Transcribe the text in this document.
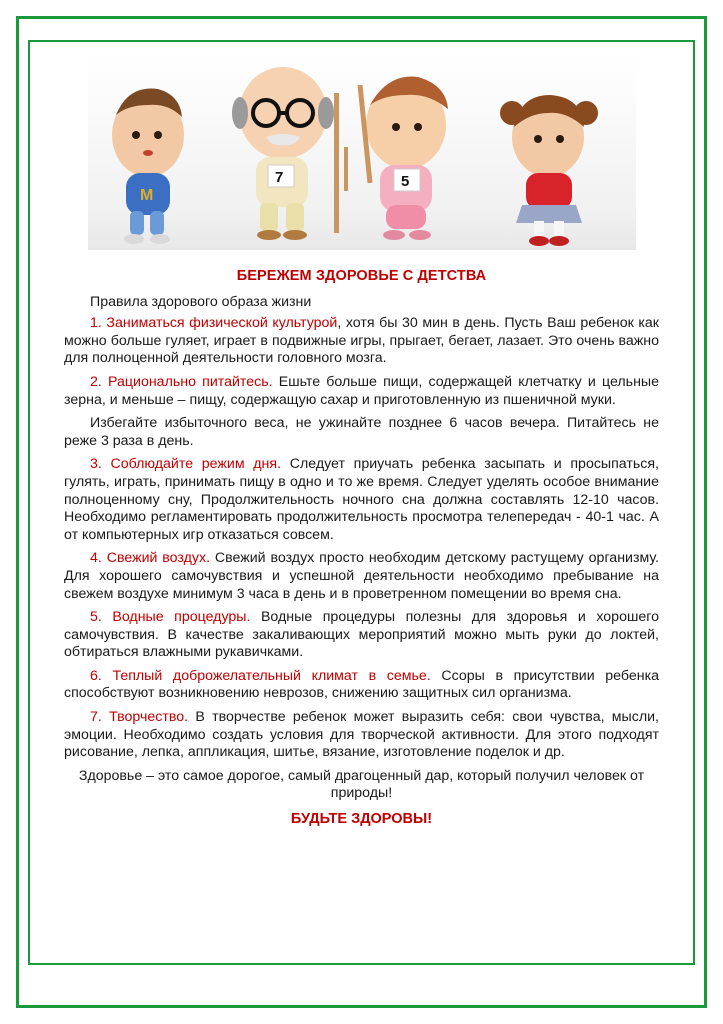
М
7	5

БЕРЕЖЕМ ЗДОРОВЬЕ С ДЕТСТВА

Правила здорового образа жизни

1. Заниматься физической культурой, хотя бы 30 мин в день. Пусть Ваш ребенок как можно больше гуляет, играет в подвижные игры, прыгает, бегает, лазает. Это очень важно для полноценной деятельности головного мозга.

2. Рационально питайтесь. Ешьте больше пищи, содержащей клетчатку и цельные зерна, и меньше – пищу, содержащую сахар и приготовленную из пшеничной муки.

Избегайте избыточного веса, не ужинайте позднее 6 часов вечера. Питайтесь не реже 3 раза в день.

3. Соблюдайте режим дня. Следует приучать ребенка засыпать и просыпаться, гулять, играть, принимать пищу в одно и то же время. Следует уделять особое внимание полноценному сну, Продолжительность ночного сна должна составлять 12-10 часов. Необходимо регламентировать продолжительность просмотра телепередач - 40-1 час. А от компьютерных игр отказаться совсем.

4. Свежий воздух. Свежий воздух просто необходим детскому растущему организму. Для хорошего самочувствия и успешной деятельности необходимо пребывание на свежем воздухе минимум 3 часа в день и в проветренном помещении во время сна.

5. Водные процедуры. Водные процедуры полезны для здоровья и хорошего самочувствия. В качестве закаливающих мероприятий можно мыть руки до локтей, обтираться влажными рукавичками.

6. Теплый доброжелательный климат в семье. Ссоры в присутствии ребенка способствуют возникновению неврозов, снижению защитных сил организма.

7. Творчество. В творчестве ребенок может выразить себя: свои чувства, мысли, эмоции. Необходимо создать условия для творческой активности. Для этого подходят рисование, лепка, аппликация, шитье, вязание, изготовление поделок и др.

Здоровье – это самое дорогое, самый драгоценный дар, который получил человек от природы!

БУДЬТЕ ЗДОРОВЫ!
